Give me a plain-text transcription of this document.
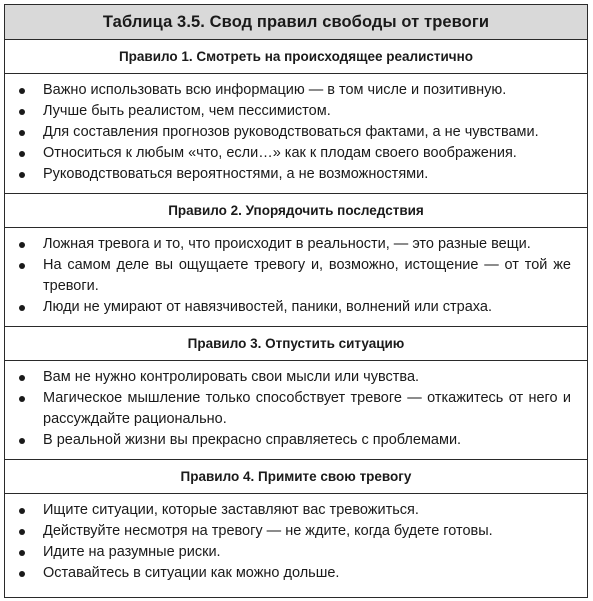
Таблица 3.5. Свод правил свободы от тревоги
Правило 1. Смотреть на происходящее реалистично
Важно использовать всю информацию — в том числе и позитивную.
Лучше быть реалистом, чем пессимистом.
Для составления прогнозов руководствоваться фактами, а не чувствами.
Относиться к любым «что, если…» как к плодам своего воображения.
Руководствоваться вероятностями, а не возможностями.
Правило 2. Упорядочить последствия
Ложная тревога и то, что происходит в реальности, — это разные вещи.
На самом деле вы ощущаете тревогу и, возможно, истощение — от той же тревоги.
Люди не умирают от навязчивостей, паники, волнений или страха.
Правило 3. Отпустить ситуацию
Вам не нужно контролировать свои мысли или чувства.
Магическое мышление только способствует тревоге — откажитесь от него и рассуждайте рационально.
В реальной жизни вы прекрасно справляетесь с проблемами.
Правило 4. Примите свою тревогу
Ищите ситуации, которые заставляют вас тревожиться.
Действуйте несмотря на тревогу — не ждите, когда будете готовы.
Идите на разумные риски.
Оставайтесь в ситуации как можно дольше.
